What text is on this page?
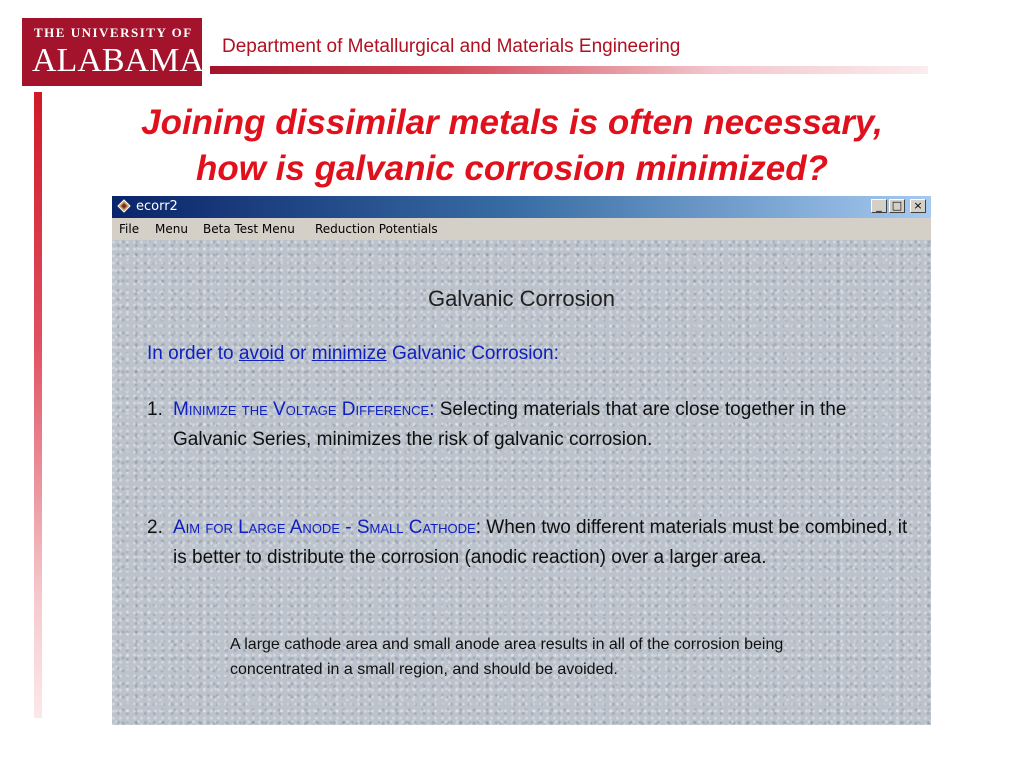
THE UNIVERSITY OF
ALABAMA Department of Metallurgical and Materials Engineering
Joining dissimilar metals is often necessary,
how is galvanic corrosion minimized?
ecorr2	_ □	×
File Menu Beta Test Menu Reduction Potentials
Galvanic Corrosion
In order to avoid or minimize Galvanic Corrosion:
1. Minimize the Voltage Difference: Selecting materials that are close together in the Galvanic Series, minimizes the risk of galvanic corrosion.
2. Aim for Large Anode - Small Cathode: When two different materials must be combined, it is better to distribute the corrosion (anodic reaction) over a larger area.
A large cathode area and small anode area results in all of the corrosion being concentrated in a small region, and should be avoided.
